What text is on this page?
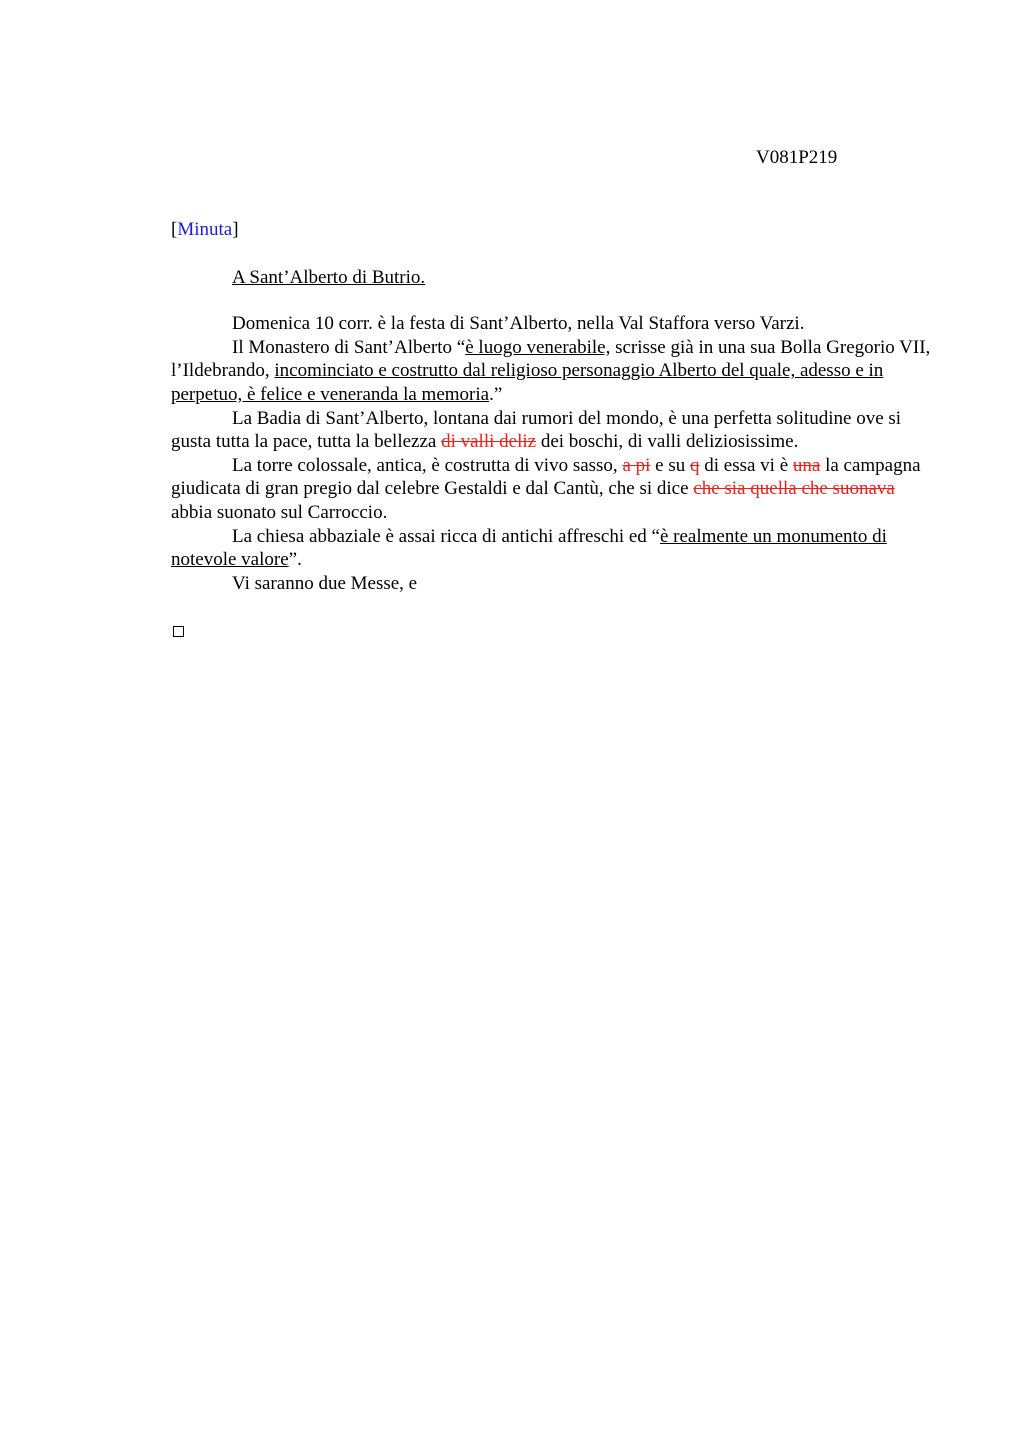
V081P219

[Minuta]

A Sant’Alberto di Butrio.

Domenica 10 corr. è la festa di Sant’Alberto, nella Val Staffora verso Varzi.

Il Monastero di Sant’Alberto “è luogo venerabile, scrisse già in una sua Bolla Gregorio VII, l’Ildebrando, incominciato e costrutto dal religioso personaggio Alberto del quale, adesso e in perpetuo, è felice e veneranda la memoria.”

La Badia di Sant’Alberto, lontana dai rumori del mondo, è una perfetta solitudine ove si gusta tutta la pace, tutta la bellezza di valli deliz dei boschi, di valli deliziosissime.

La torre colossale, antica, è costrutta di vivo sasso, a pi e su q di essa vi è una la campagna giudicata di gran pregio dal celebre Gestaldi e dal Cantù, che si dice che sia quella che suonava abbia suonato sul Carroccio.

La chiesa abbaziale è assai ricca di antichi affreschi ed “è realmente un monumento di notevole valore”.

Vi saranno due Messe, e
